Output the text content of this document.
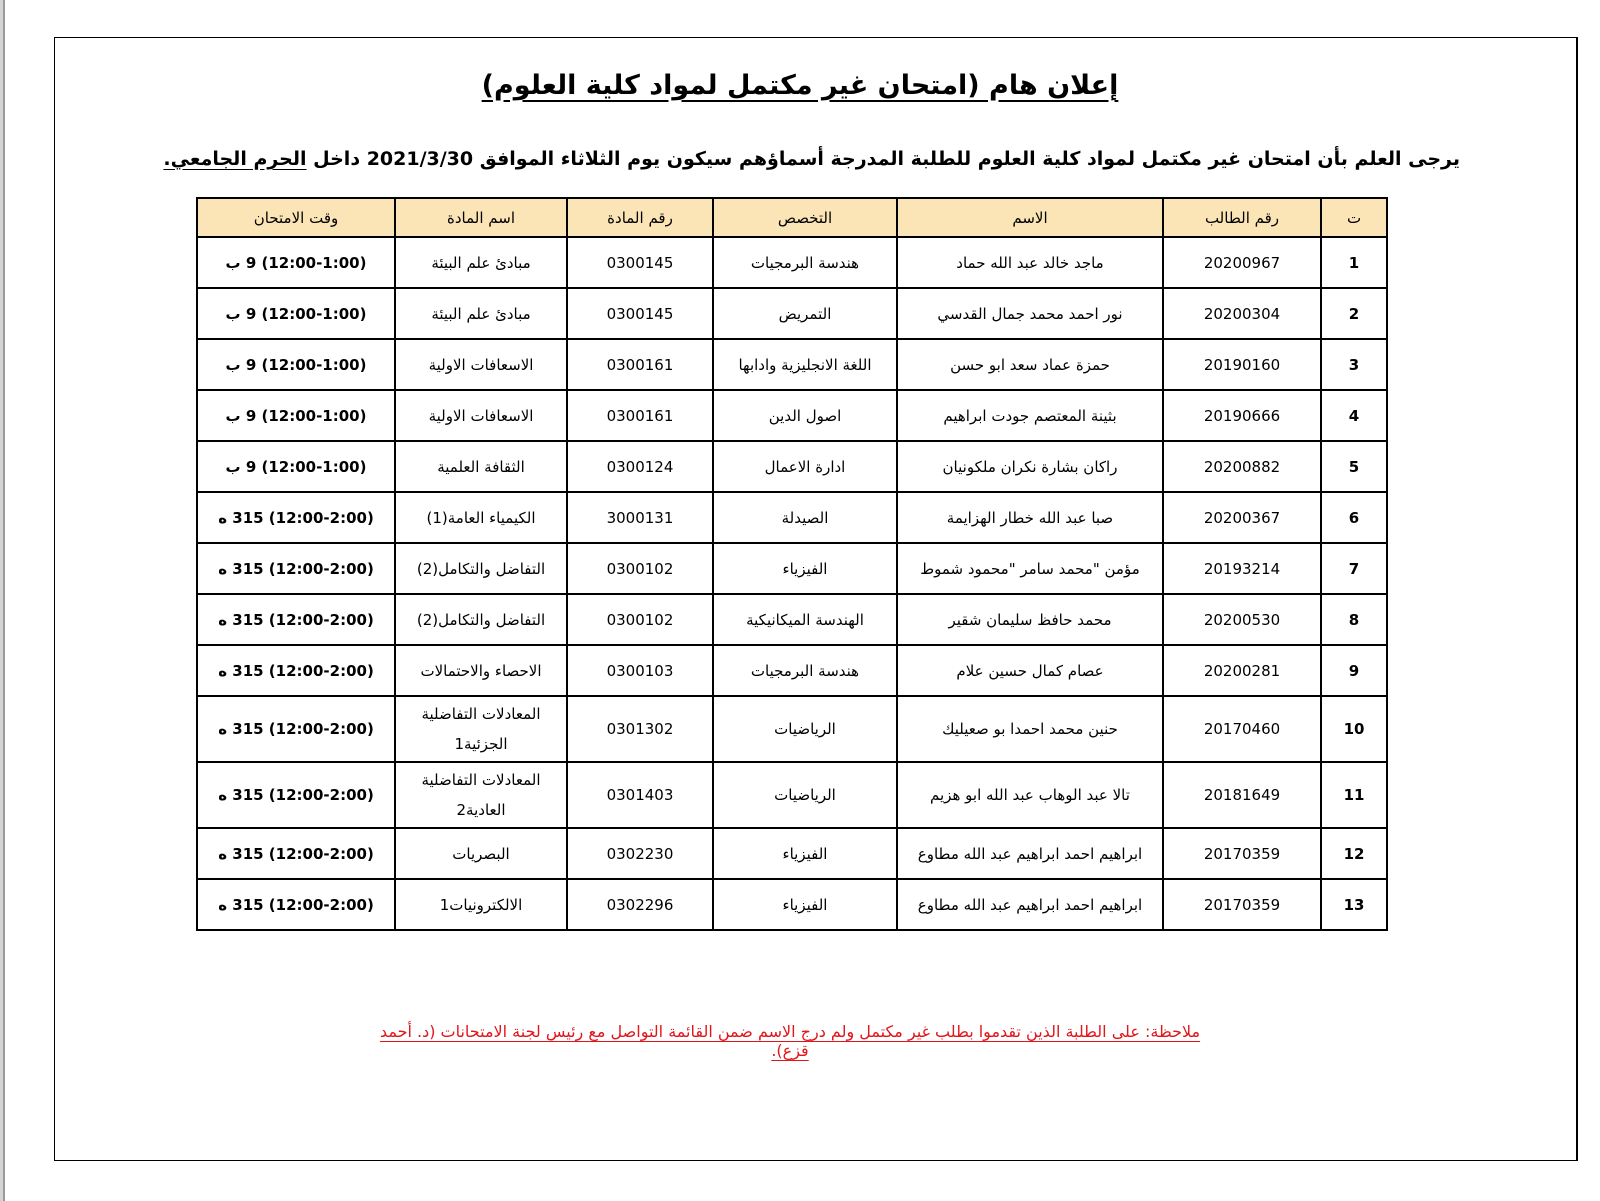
إعلان هام (امتحان غير مكتمل لمواد كلية العلوم)
يرجى العلم بأن امتحان غير مكتمل لمواد كلية العلوم للطلبة المدرجة أسماؤهم سيكون يوم الثلاثاء الموافق 2021/3/30 داخل الحرم الجامعي.
ت	رقم الطالب	الاسم	التخصص	رقم المادة	اسم المادة	وقت الامتحان
1	20200967	ماجد خالد عبد الله حماد	هندسة البرمجيات	0300145	مبادئ علم البيئة	(12:00-1:00) 9 ب
2	20200304	نور احمد محمد جمال القدسي	التمريض	0300145	مبادئ علم البيئة	(12:00-1:00) 9 ب
3	20190160	حمزة عماد سعد ابو حسن	اللغة الانجليزية وادابها	0300161	الاسعافات الاولية	(12:00-1:00) 9 ب
4	20190666	بثينة المعتصم جودت ابراهيم	اصول الدين	0300161	الاسعافات الاولية	(12:00-1:00) 9 ب
5	20200882	راكان بشارة نكران ملكونيان	ادارة الاعمال	0300124	الثقافة العلمية	(12:00-1:00) 9 ب
6	20200367	صبا عبد الله خطار الهزايمة	الصيدلة	3000131	الكيمياء العامة(1)	(12:00-2:00) 315 ه
7	20193214	مؤمن "محمد سامر "محمود شموط	الفيزياء	0300102	التفاضل والتكامل(2)	(12:00-2:00) 315 ه
8	20200530	محمد حافظ سليمان شقير	الهندسة الميكانيكية	0300102	التفاضل والتكامل(2)	(12:00-2:00) 315 ه
9	20200281	عصام كمال حسين علام	هندسة البرمجيات	0300103	الاحصاء والاحتمالات	(12:00-2:00) 315 ه
10	20170460	حنين محمد احمدا بو صعيليك	الرياضيات	0301302	المعادلات التفاضلية
الجزئية1	(12:00-2:00) 315 ه
11	20181649	تالا عبد الوهاب عبد الله ابو هزيم	الرياضيات	0301403	المعادلات التفاضلية
العادية2	(12:00-2:00) 315 ه
12	20170359	ابراهيم احمد ابراهيم عبد الله مطاوع	الفيزياء	0302230	البصريات	(12:00-2:00) 315 ه
13	20170359	ابراهيم احمد ابراهيم عبد الله مطاوع	الفيزياء	0302296	الالكترونيات1	(12:00-2:00) 315 ه
ملاحظة: على الطلبة الذين تقدموا بطلب غير مكتمل ولم درج الاسم ضمن القائمة التواصل مع رئيس لجنة الامتحانات (د. أحمد قزع).
